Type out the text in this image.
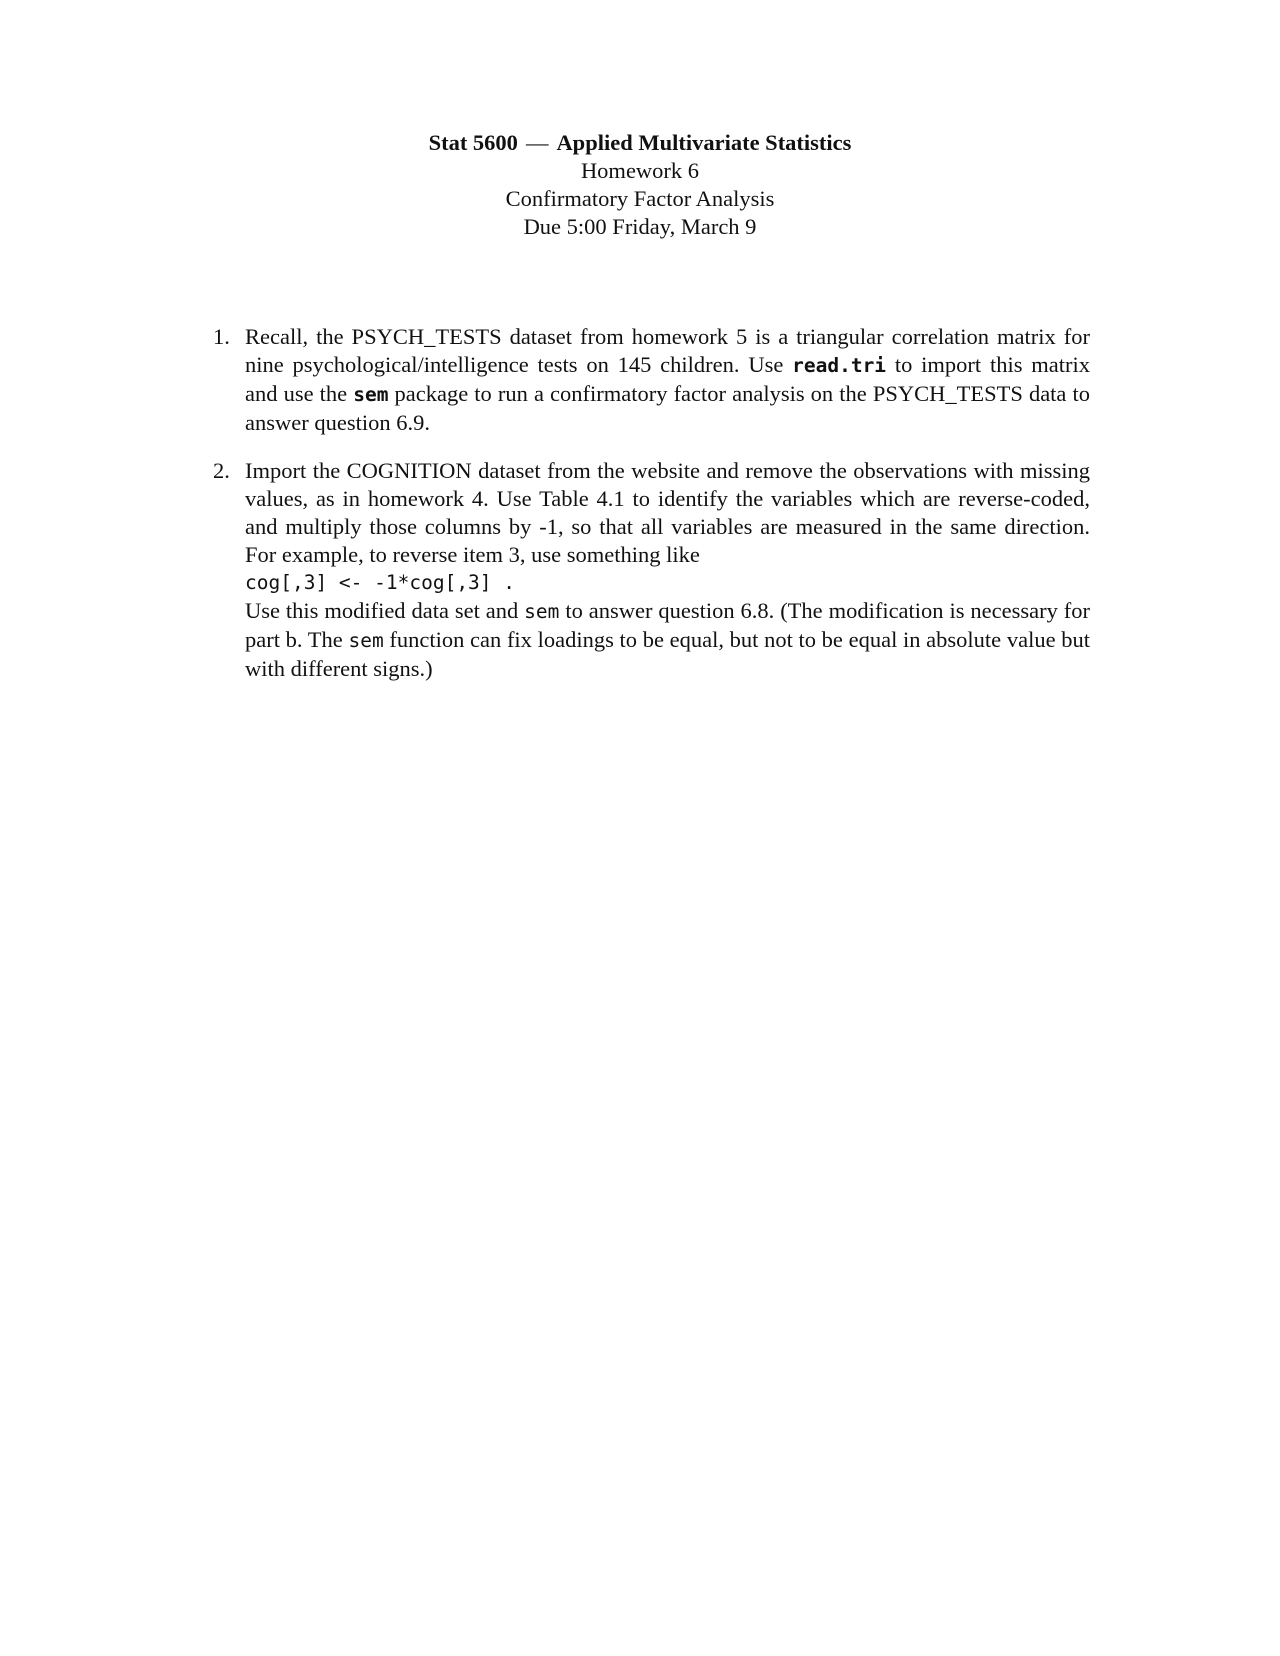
Stat 5600 — Applied Multivariate Statistics
Homework 6
Confirmatory Factor Analysis
Due 5:00 Friday, March 9
1. Recall, the PSYCH_TESTS dataset from homework 5 is a triangular correlation matrix for nine psychological/intelligence tests on 145 children. Use read.tri to import this matrix and use the sem package to run a confirmatory factor analysis on the PSYCH_TESTS data to answer question 6.9.
2. Import the COGNITION dataset from the website and remove the observations with missing values, as in homework 4. Use Table 4.1 to identify the variables which are reverse-coded, and multiply those columns by -1, so that all variables are measured in the same direction. For example, to reverse item 3, use something like
cog[,3] <- -1*cog[,3] .
Use this modified data set and sem to answer question 6.8. (The modification is necessary for part b. The sem function can fix loadings to be equal, but not to be equal in absolute value but with different signs.)
